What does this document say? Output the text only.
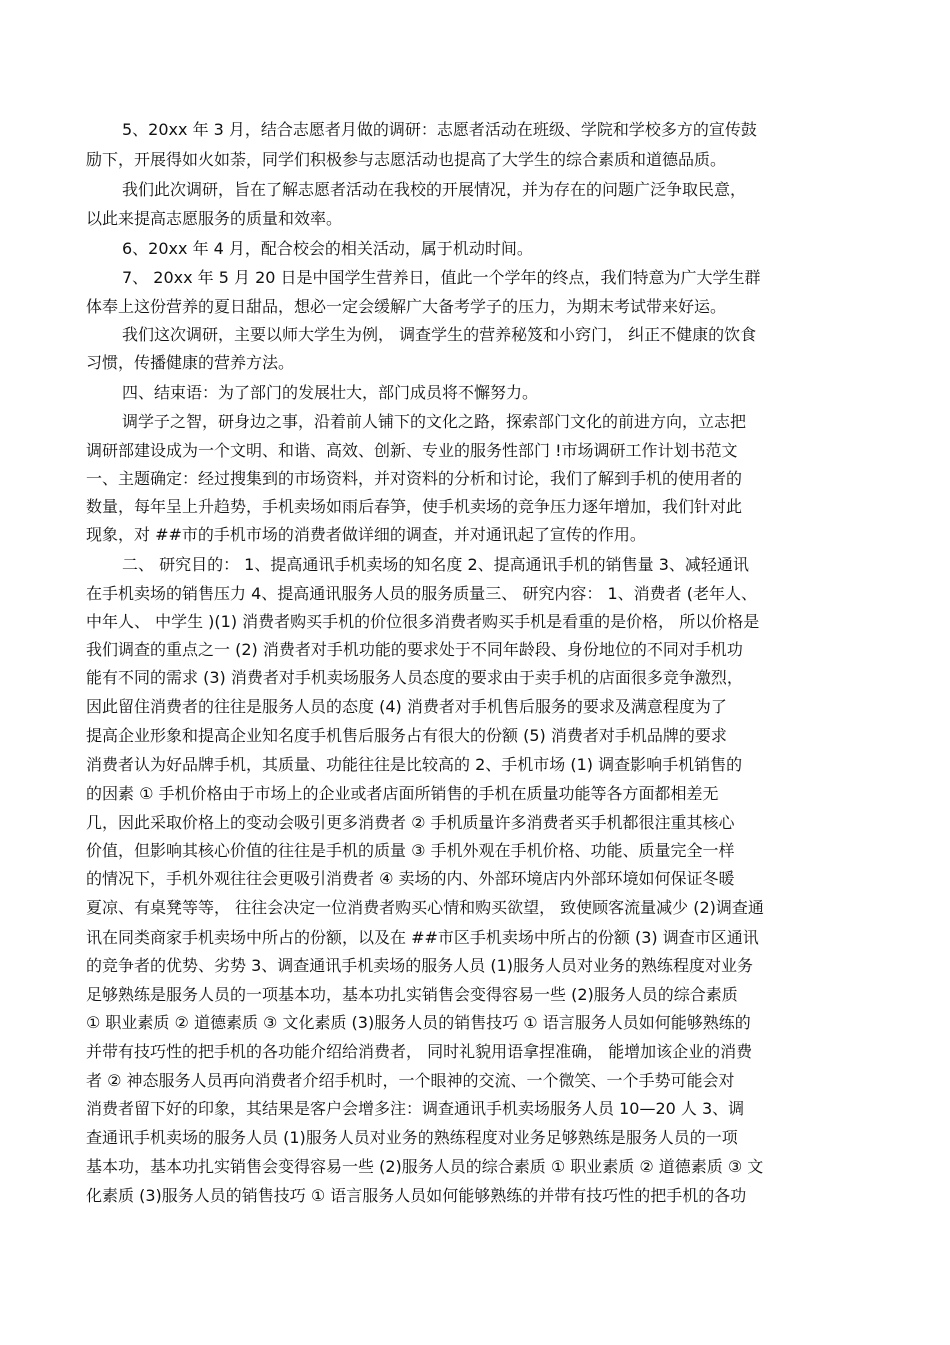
5、20xx 年 3 月，结合志愿者月做的调研：志愿者活动在班级、学院和学校多方的宣传鼓
励下，开展得如火如荼，同学们积极参与志愿活动也提高了大学生的综合素质和道德品质。
我们此次调研，旨在了解志愿者活动在我校的开展情况，并为存在的问题广泛争取民意，
以此来提高志愿服务的质量和效率。
6、20xx 年 4 月，配合校会的相关活动，属于机动时间。
7、 20xx 年 5 月 20 日是中国学生营养日，值此一个学年的终点，我们特意为广大学生群
体奉上这份营养的夏日甜品，想必一定会缓解广大备考学子的压力，为期末考试带来好运。
我们这次调研，主要以师大学生为例， 调查学生的营养秘笈和小窍门， 纠正不健康的饮食
习惯，传播健康的营养方法。
四、结束语：为了部门的发展壮大，部门成员将不懈努力。
调学子之智，研身边之事，沿着前人铺下的文化之路，探索部门文化的前进方向，立志把
调研部建设成为一个文明、和谐、高效、创新、专业的服务性部门 !市场调研工作计划书范文
一、主题确定：经过搜集到的市场资料，并对资料的分析和讨论，我们了解到手机的使用者的
数量，每年呈上升趋势，手机卖场如雨后春笋，使手机卖场的竞争压力逐年增加，我们针对此
现象，对 ##市的手机市场的消费者做详细的调查，并对通讯起了宣传的作用。
二、 研究目的： 1、提高通讯手机卖场的知名度 2、提高通讯手机的销售量 3、减轻通讯
在手机卖场的销售压力 4、提高通讯服务人员的服务质量三、 研究内容： 1、消费者 (老年人、
中年人、 中学生 )(1) 消费者购买手机的价位很多消费者购买手机是看重的是价格， 所以价格是
我们调查的重点之一 (2) 消费者对手机功能的要求处于不同年龄段、身份地位的不同对手机功
能有不同的需求 (3) 消费者对手机卖场服务人员态度的要求由于卖手机的店面很多竞争激烈，
因此留住消费者的往往是服务人员的态度 (4) 消费者对手机售后服务的要求及满意程度为了
提高企业形象和提高企业知名度手机售后服务占有很大的份额 (5) 消费者对手机品牌的要求
消费者认为好品牌手机，其质量、功能往往是比较高的 2、手机市场 (1) 调查影响手机销售的
的因素 ① 手机价格由于市场上的企业或者店面所销售的手机在质量功能等各方面都相差无
几，因此采取价格上的变动会吸引更多消费者 ② 手机质量许多消费者买手机都很注重其核心
价值，但影响其核心价值的往往是手机的质量 ③ 手机外观在手机价格、功能、质量完全一样
的情况下，手机外观往往会更吸引消费者 ④ 卖场的内、外部环境店内外部环境如何保证冬暖
夏凉、有桌凳等等， 往往会决定一位消费者购买心情和购买欲望， 致使顾客流量减少 (2)调查通
讯在同类商家手机卖场中所占的份额，以及在 ##市区手机卖场中所占的份额 (3) 调查市区通讯
的竞争者的优势、劣势 3、调查通讯手机卖场的服务人员 (1)服务人员对业务的熟练程度对业务
足够熟练是服务人员的一项基本功，基本功扎实销售会变得容易一些 (2)服务人员的综合素质
① 职业素质 ② 道德素质 ③ 文化素质 (3)服务人员的销售技巧 ① 语言服务人员如何能够熟练的
并带有技巧性的把手机的各功能介绍给消费者， 同时礼貌用语拿捏准确， 能增加该企业的消费
者 ② 神态服务人员再向消费者介绍手机时，一个眼神的交流、一个微笑、一个手势可能会对
消费者留下好的印象，其结果是客户会增多注：调查通讯手机卖场服务人员 10—20 人 3、调
查通讯手机卖场的服务人员 (1)服务人员对业务的熟练程度对业务足够熟练是服务人员的一项
基本功，基本功扎实销售会变得容易一些 (2)服务人员的综合素质 ① 职业素质 ② 道德素质 ③ 文
化素质 (3)服务人员的销售技巧 ① 语言服务人员如何能够熟练的并带有技巧性的把手机的各功
